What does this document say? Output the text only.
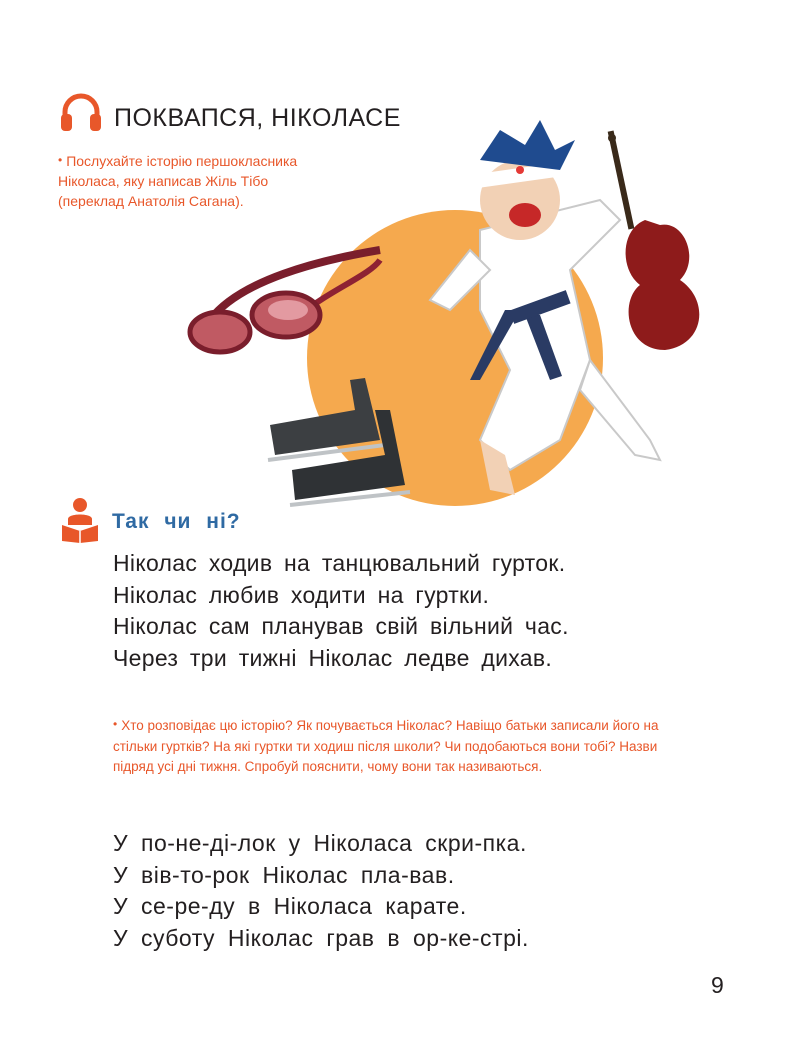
ПОКВАПСЯ, НІКОЛАСЕ
• Послухайте історію першокласника Ніколаса, яку написав Жіль Тібо (переклад Анатолія Сагана).
Так чи ні?
Ніколас ходив на танцювальний гурток.
Ніколас любив ходити на гуртки.
Ніколас сам планував свій вільний час.
Через три тижні Ніколас ледве дихав.
• Хто розповідає цю історію? Як почувається Ніколас? Навіщо батьки записали його на стільки гуртків? На які гуртки ти ходиш після школи? Чи подобаються вони тобі? Назви підряд усі дні тижня. Спробуй пояснити, чому вони так називаються.
У по-не-ді-лок у Ніколаса скри-пка.
У вів-то-рок Ніколас пла-вав.
У се-ре-ду в Ніколаса карате.
У суботу Ніколас грав в ор-ке-стрі.
9
